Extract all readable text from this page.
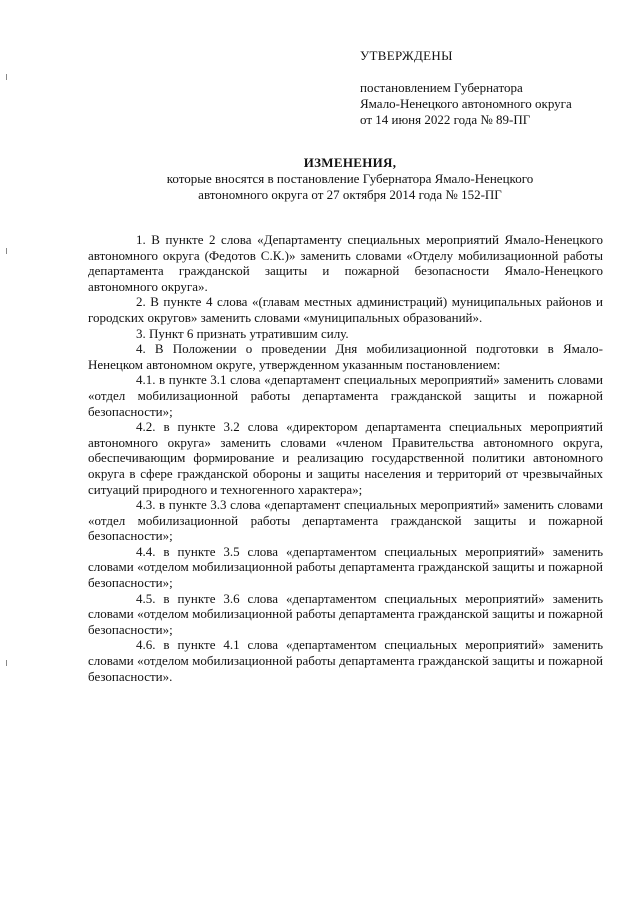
УТВЕРЖДЕНЫ
постановлением Губернатора
Ямало-Ненецкого автономного округа
от 14 июня 2022 года № 89-ПГ
ИЗМЕНЕНИЯ,
которые вносятся в постановление Губернатора Ямало-Ненецкого
автономного округа от 27 октября 2014 года № 152-ПГ

1. В пункте 2 слова «Департаменту специальных мероприятий Ямало-Ненецкого автономного округа (Федотов С.К.)» заменить словами «Отделу мобилизационной работы департамента гражданской защиты и пожарной безопасности Ямало-Ненецкого автономного округа».

2. В пункте 4 слова «(главам местных администраций) муниципальных районов и городских округов» заменить словами «муниципальных образований».

3. Пункт 6 признать утратившим силу.

4. В Положении о проведении Дня мобилизационной подготовки в Ямало-Ненецком автономном округе, утвержденном указанным постановлением:

4.1. в пункте 3.1 слова «департамент специальных мероприятий» заменить словами «отдел мобилизационной работы департамента гражданской защиты и пожарной безопасности»;

4.2. в пункте 3.2 слова «директором департамента специальных мероприятий автономного округа» заменить словами «членом Правительства автономного округа, обеспечивающим формирование и реализацию государственной политики автономного округа в сфере гражданской обороны и защиты населения и территорий от чрезвычайных ситуаций природного и техногенного характера»;

4.3. в пункте 3.3 слова «департамент специальных мероприятий» заменить словами «отдел мобилизационной работы департамента гражданской защиты и пожарной безопасности»;

4.4. в пункте 3.5 слова «департаментом специальных мероприятий» заменить словами «отделом мобилизационной работы департамента гражданской защиты и пожарной безопасности»;

4.5. в пункте 3.6 слова «департаментом специальных мероприятий» заменить словами «отделом мобилизационной работы департамента гражданской защиты и пожарной безопасности»;

4.6. в пункте 4.1 слова «департаментом специальных мероприятий» заменить словами «отделом мобилизационной работы департамента гражданской защиты и пожарной безопасности».
